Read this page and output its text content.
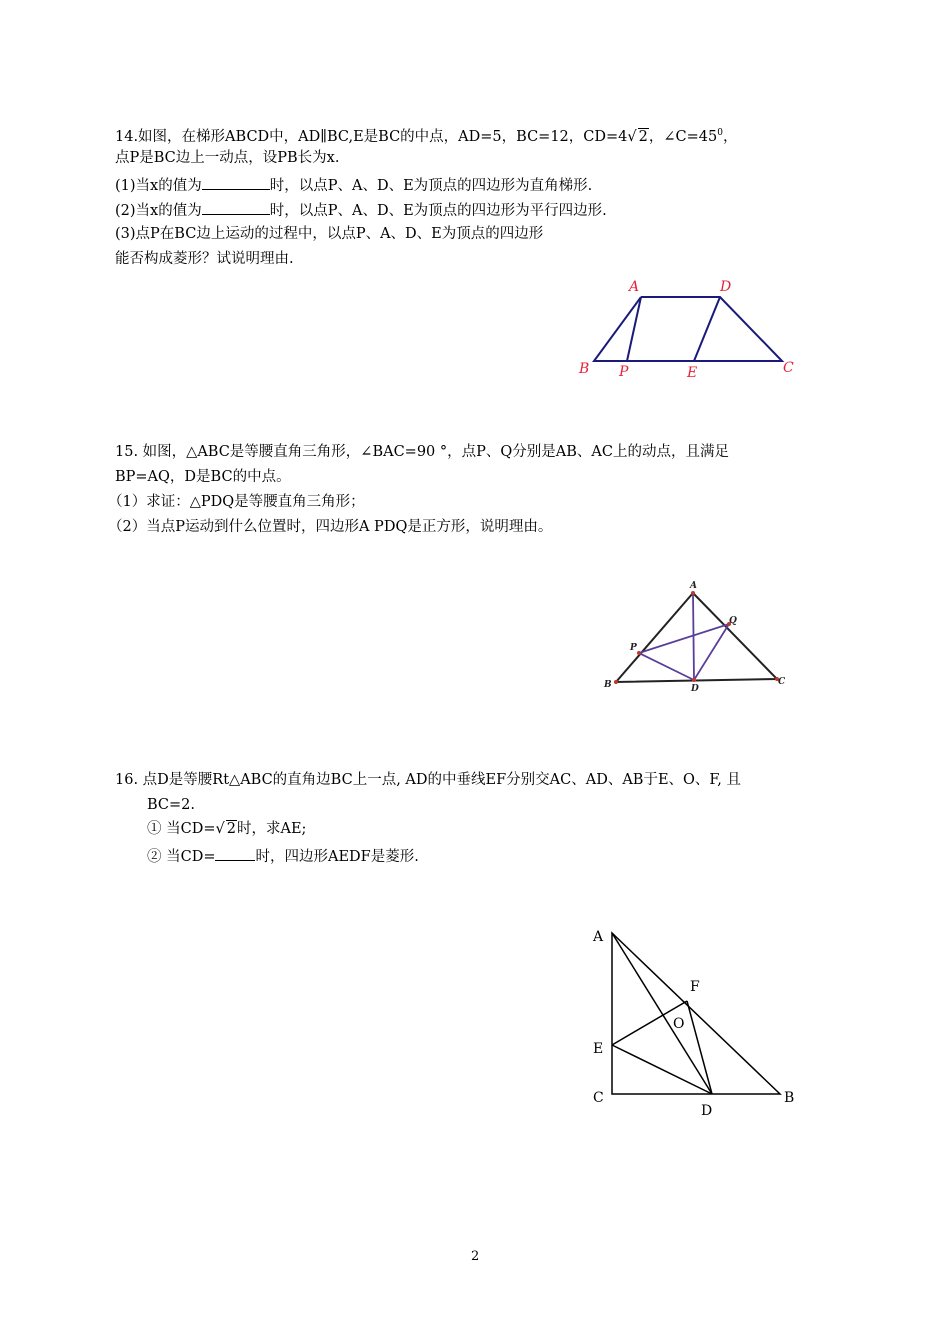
14.如图，在梯形ABCD中，AD∥BC,E是BC的中点，AD=5，BC=12，CD=4√ 2，$\angle C=45^0$，
点P是BC边上一动点，设PB长为x.
(1)当x的值为	时，以点P、A、D、E为顶点的四边形为直角梯形.
(2)当x的值为	时，以点P、A、D、E为顶点的四边形为平行四边形.
(3)点P在BC边上运动的过程中，以点P、A、D、E为顶点的四边形
能否构成菱形？试说明理由.
A	D
B P	E	C
15. 如图，△ABC是等腰直角三角形，∠BAC=90 °，点P、Q分别是AB、AC上的动点，且满足
BP=AQ，D是BC的中点。
（1）求证：△PDQ是等腰直角三角形；
（2）当点P运动到什么位置时，四边形A PDQ是正方形，说明理由。
A
B	C
D
P
Q
16. 点D是等腰Rt△ABC的直角边BC上一点, AD的中垂线EF分别交AC、AD、AB于E、O、F, 且
BC=2.
① 当CD=√ 2时，求AE;
② 当CD=	时，四边形AEDF是菱形.
A
F
O
E
C
D
B
2
